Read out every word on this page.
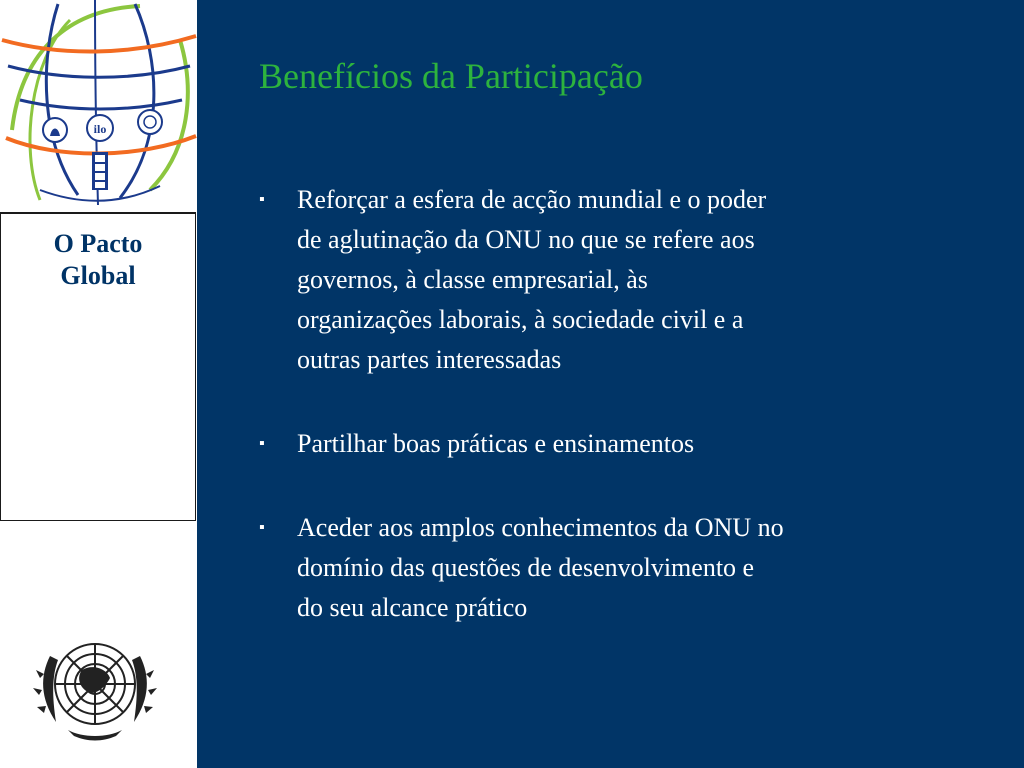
ilo

O Pacto
Global

Benefícios da Participação
▪ Reforçar a esfera de acção mundial e o poder
de aglutinação da ONU no que se refere aos
governos, à classe empresarial, às
organizações laborais, à sociedade civil e a
outras partes interessadas
▪ Partilhar boas práticas e ensinamentos
▪ Aceder aos amplos conhecimentos da ONU no
domínio das questões de desenvolvimento e
do seu alcance prático
